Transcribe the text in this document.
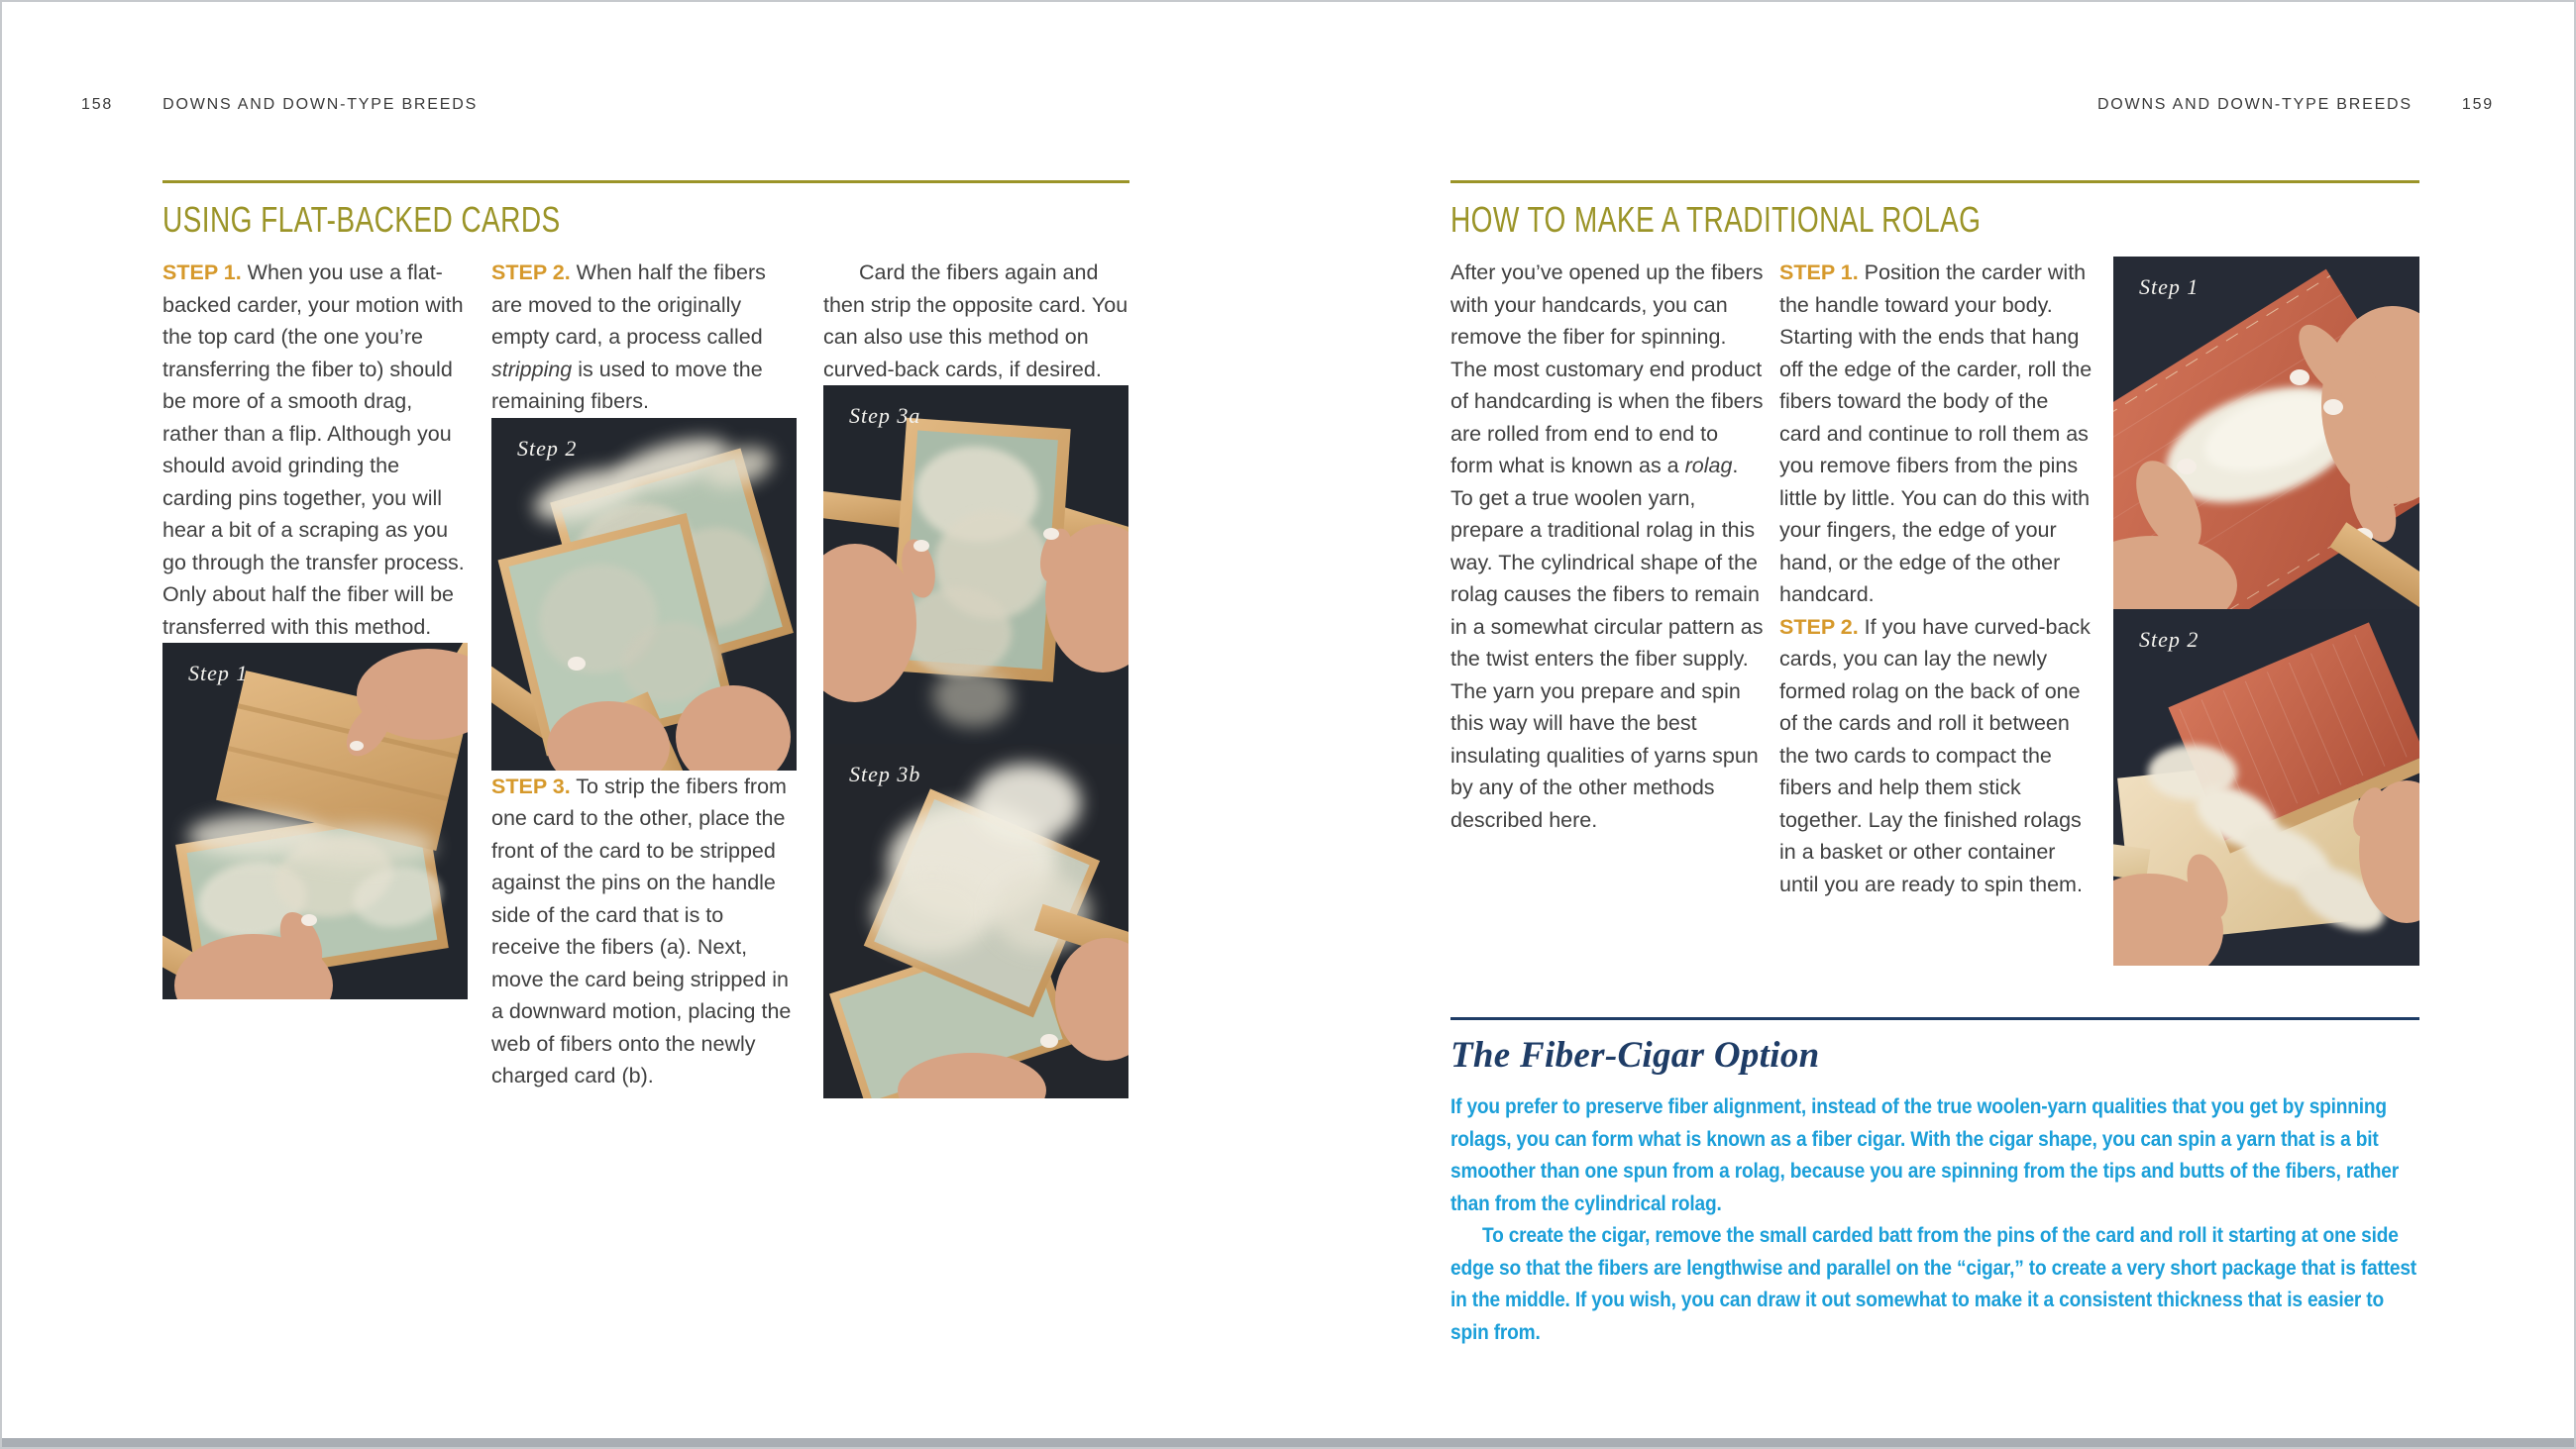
158	DOWNS AND DOWN-TYPE BREEDS	DOWNS AND DOWN-TYPE BREEDS	159
USING FLAT-BACKED CARDS

STEP 1. When you use a flat-backed carder, your motion with the top card (the one you’re transferring the fiber to) should be more of a smooth drag, rather than a flip. Although you should avoid grinding the carding pins together, you will hear a bit of a scraping as you go through the transfer process. Only about half the fiber will be transferred with this method.

Step 1

STEP 2. When half the fibers are moved to the originally empty card, a process called stripping is used to move the remaining fibers.

Step 2

STEP 3. To strip the fibers from one card to the other, place the front of the card to be stripped against the pins on the handle side of the card that is to receive the fibers (a). Next, move the card being stripped in a downward motion, placing the web of fibers onto the newly charged card (b).

Card the fibers again and then strip the opposite card. You can also use this method on curved-back cards, if desired.

Step 3a
Step 3b
HOW TO MAKE A TRADITIONAL ROLAG

After you’ve opened up the fibers with your handcards, you can remove the fiber for spinning. The most customary end product of handcarding is when the fibers are rolled from end to end to form what is known as a rolag. To get a true woolen yarn, prepare a traditional rolag in this way. The cylindrical shape of the rolag causes the fibers to remain in a somewhat circular pattern as the twist enters the fiber supply. The yarn you prepare and spin this way will have the best insulating qualities of yarns spun by any of the other methods described here.

STEP 1. Position the carder with the handle toward your body. Starting with the ends that hang off the edge of the carder, roll the fibers toward the body of the card and continue to roll them as you remove fibers from the pins little by little. You can do this with your fingers, the edge of your hand, or the edge of the other handcard.

STEP 2. If you have curved-back cards, you can lay the newly formed rolag on the back of one of the cards and roll it between the two cards to compact the fibers and help them stick together. Lay the finished rolags in a basket or other container until you are ready to spin them.

Step 1
Step 2
The Fiber-Cigar Option

If you prefer to preserve fiber alignment, instead of the true woolen-yarn qualities that you get by spinning rolags, you can form what is known as a fiber cigar. With the cigar shape, you can spin a yarn that is a bit smoother than one spun from a rolag, because you are spinning from the tips and butts of the fibers, rather than from the cylindrical rolag.

To create the cigar, remove the small carded batt from the pins of the card and roll it starting at one side edge so that the fibers are lengthwise and parallel on the “cigar,” to create a very short package that is fattest in the middle. If you wish, you can draw it out somewhat to make it a consistent thickness that is easier to spin from.
